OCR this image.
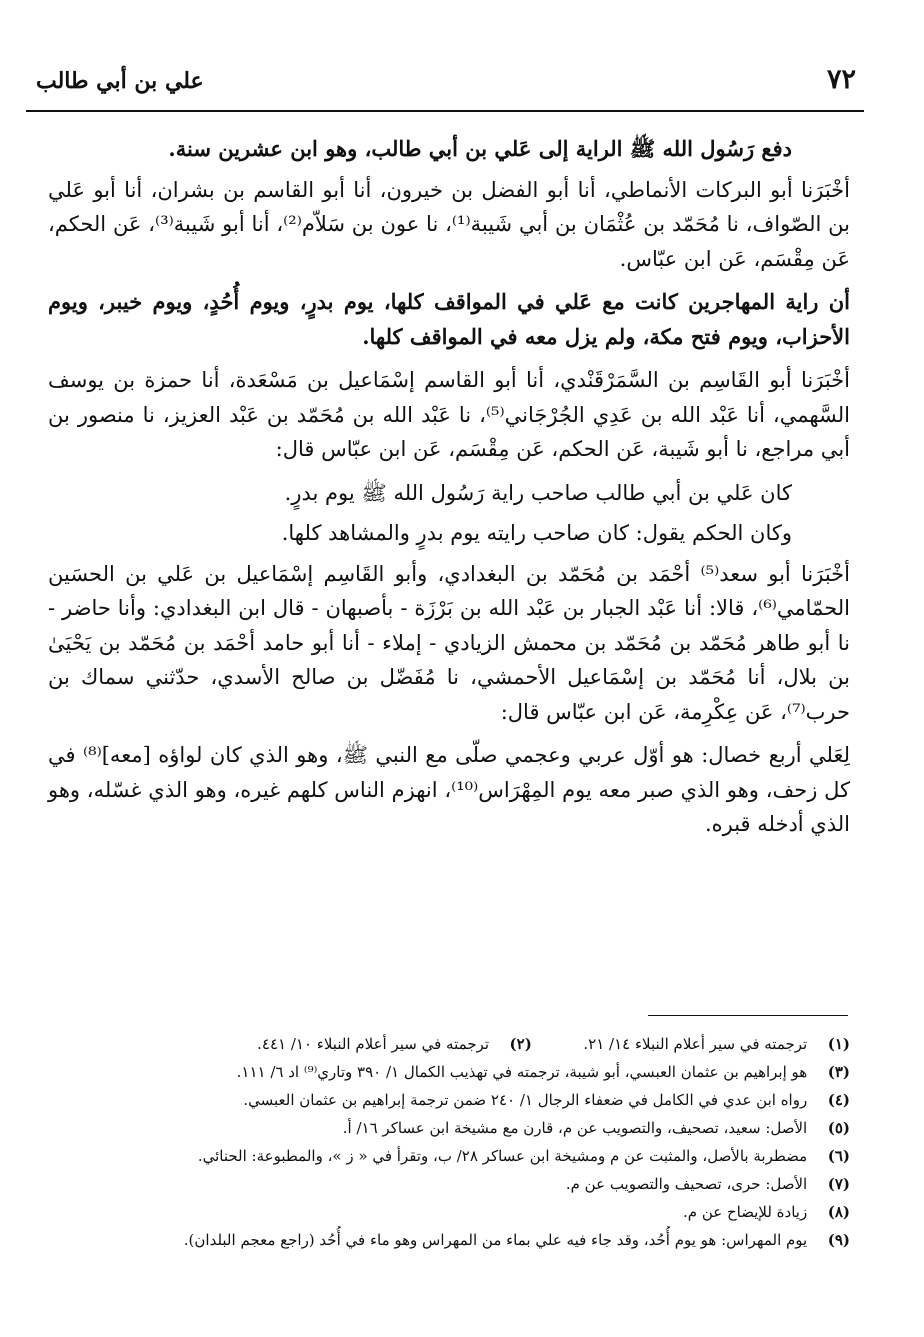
٧٢
علي بن أبي طالب

دفع رَسُول الله ﷺ الراية إلى عَلي بن أبي طالب، وهو ابن عشرين سنة.

أخْبَرَنا أبو البركات الأنماطي، أنا أبو الفضل بن خيرون، أنا أبو القاسم بن بشران، أنا أبو عَلي بن الصّواف، نا مُحَمّد بن عُثْمَان بن أبي شَيبة⁽¹⁾، نا عون بن سَلاّم⁽²⁾، أنا أبو شَيبة⁽³⁾، عَن الحكم، عَن مِقْسَم، عَن ابن عبّاس.

أن راية المهاجرين كانت مع عَلي في المواقف كلها، يوم بدرٍ، ويوم أُحُدٍ، ويوم خيبر، ويوم الأحزاب، ويوم فتح مكة، ولم يزل معه في المواقف كلها.

أخْبَرَنا أبو القَاسِم بن السَّمَرْقَنْدي، أنا أبو القاسم إسْمَاعيل بن مَسْعَدة، أنا حمزة بن يوسف السَّهمي، أنا عَبْد الله بن عَدِي الجُرْجَاني⁽⁵⁾، نا عَبْد الله بن مُحَمّد بن عَبْد العزيز، نا منصور بن أبي مراجع، نا أبو شَيبة، عَن الحكم، عَن مِقْسَم، عَن ابن عبّاس قال:

كان عَلي بن أبي طالب صاحب راية رَسُول الله ﷺ يوم بدرٍ.

وكان الحكم يقول: كان صاحب رايته يوم بدرٍ والمشاهد كلها.

أخْبَرَنا أبو سعد⁽⁵⁾ أحْمَد بن مُحَمّد بن البغدادي، وأبو القَاسِم إسْمَاعيل بن عَلي بن الحسَين الحمّامي⁽⁶⁾، قالا: أنا عَبْد الجبار بن عَبْد الله بن بَرْزَة - بأصبهان - قال ابن البغدادي: وأنا حاضر - نا أبو طاهر مُحَمّد بن مُحَمّد بن محمش الزيادي - إملاء - أنا أبو حامد أحْمَد بن مُحَمّد بن يَحْيَىٰ بن بلال، أنا مُحَمّد بن إسْمَاعيل الأحمشي، نا مُفَضّل بن صالح الأسدي، حدّثني سماك بن حرب⁽⁷⁾، عَن عِكْرِمة، عَن ابن عبّاس قال:

لِعَلي أربع خصال: هو أوّل عربي وعجمي صلّى مع النبي ﷺ، وهو الذي كان لواؤه [معه]⁽⁸⁾ في كل زحف، وهو الذي صبر معه يوم المِهْرَاس⁽¹⁰⁾، انهزم الناس كلهم غيره، وهو الذي غسّله، وهو الذي أدخله قبره.

(١) ترجمته في سير أعلام النبلاء ١٤/ ٢١.  (٢) ترجمته في سير أعلام النبلاء ١٠/ ٤٤١.
(٣) هو إبراهيم بن عثمان العبسي، أبو شيبة، ترجمته في تهذيب الكمال ١/ ٣٩٠ وتاري⁽⁹⁾ اد ٦/ ١١١.
(٤) رواه ابن عدي في الكامل في ضعفاء الرجال ١/ ٢٤٠ ضمن ترجمة إبراهيم بن عثمان العبسي.
(٥) الأصل: سعيد، تصحيف، والتصويب عن م، قارن مع مشيخة ابن عساكر ١٦/ أ.
(٦) مضطربة بالأصل، والمثبت عن م ومشيخة ابن عساكر ٢٨/ ب، وتقرأ في « ز »، والمطبوعة: الحنائي.
(٧) الأصل: حرى، تصحيف والتصويب عن م.
(٨) زيادة للإيضاح عن م.
(٩) يوم المهراس: هو يوم أُحُد، وقد جاء فيه علي بماء من المهراس وهو ماء في أُحُد (راجع معجم البلدان).
